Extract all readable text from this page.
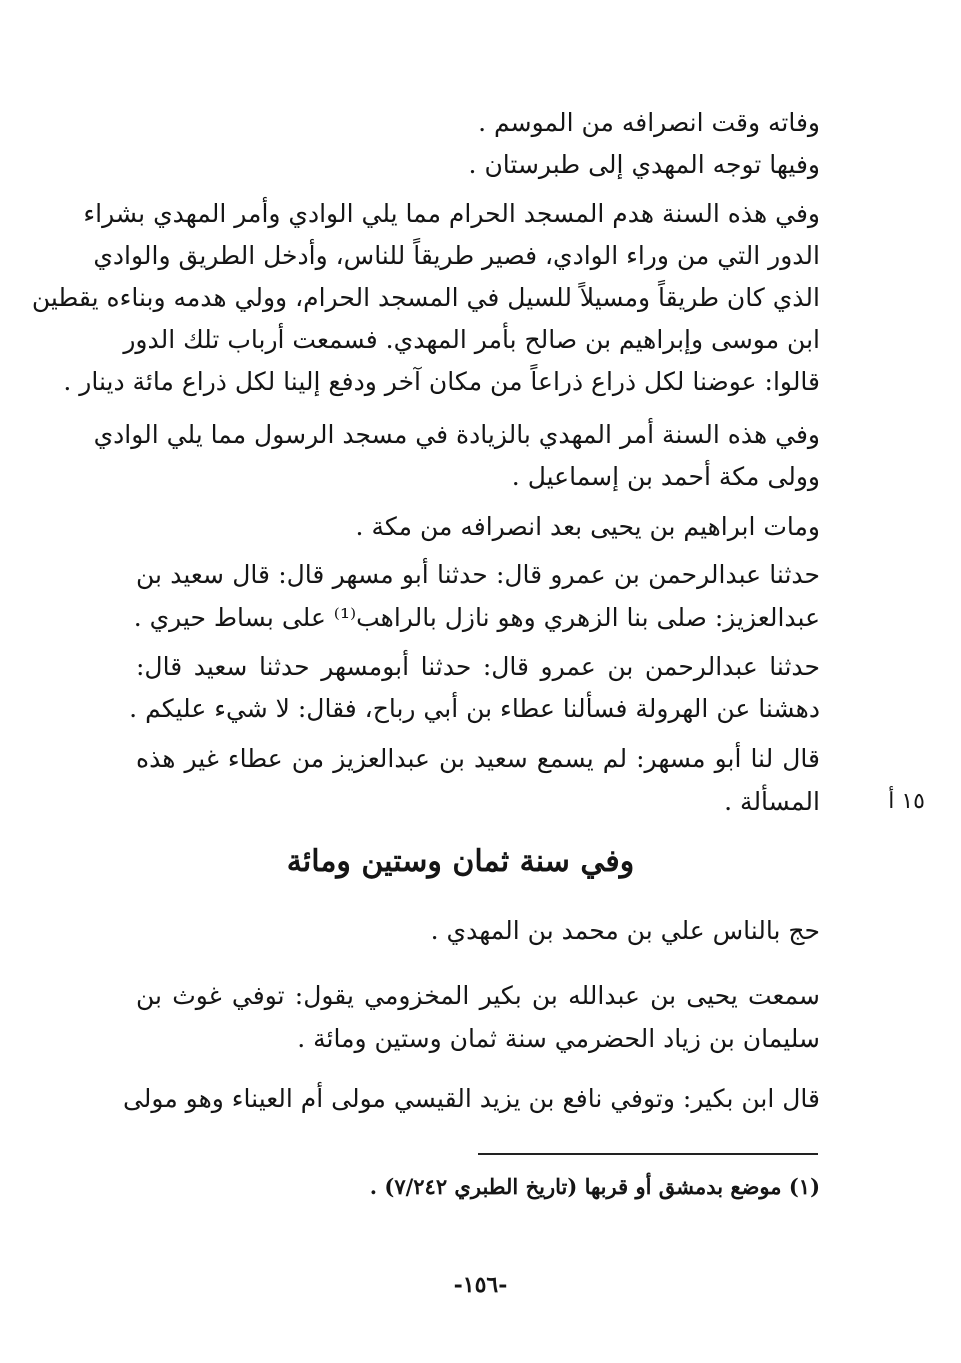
وفاته وقت انصرافه من الموسم .
وفيها توجه المهدي إلى طبرستان .
وفي هذه السنة هدم المسجد الحرام مما يلي الوادي وأمر المهدي بشراء
الدور التي من وراء الوادي، فصير طريقاً للناس، وأدخل الطريق والوادي
الذي كان طريقاً ومسيلاً للسيل في المسجد الحرام، وولي هدمه وبناءه يقطين
ابن موسى وإبراهيم بن صالح بأمر المهدي. فسمعت أرباب تلك الدور
قالوا: عوضنا لكل ذراع ذراعاً من مكان آخر ودفع إلينا لكل ذراع مائة دينار .
وفي هذه السنة أمر المهدي بالزيادة في مسجد الرسول مما يلي الوادي
وولى مكة أحمد بن إسماعيل .
ومات ابراهيم بن يحيى بعد انصرافه من مكة .
حدثنا عبدالرحمن بن عمرو قال: حدثنا أبو مسهر قال: قال سعيد بن
عبدالعزيز: صلى بنا الزهري وهو نازل بالراهب⁽¹⁾ على بساط حيري .
حدثنا عبدالرحمن بن عمرو قال: حدثنا أبومسهر حدثنا سعيد قال:
دهشنا عن الهرولة فسألنا عطاء بن أبي رباح، فقال: لا شيء عليكم .
قال لنا أبو مسهر: لم يسمع سعيد بن عبدالعزيز من عطاء غير هذه
المسألة .	١٥ أ
وفي سنة ثمان وستين ومائة
حج بالناس علي بن محمد بن المهدي .
سمعت يحيى بن عبدالله بن بكير المخزومي يقول: توفي غوث بن
سليمان بن زياد الحضرمي سنة ثمان وستين ومائة .
قال ابن بكير: وتوفي نافع بن يزيد القيسي مولى أم العيناء وهو مولى
(١) موضع بدمشق أو قربها (تاريخ الطبري ٧/٢٤٢) .
-١٥٦-
